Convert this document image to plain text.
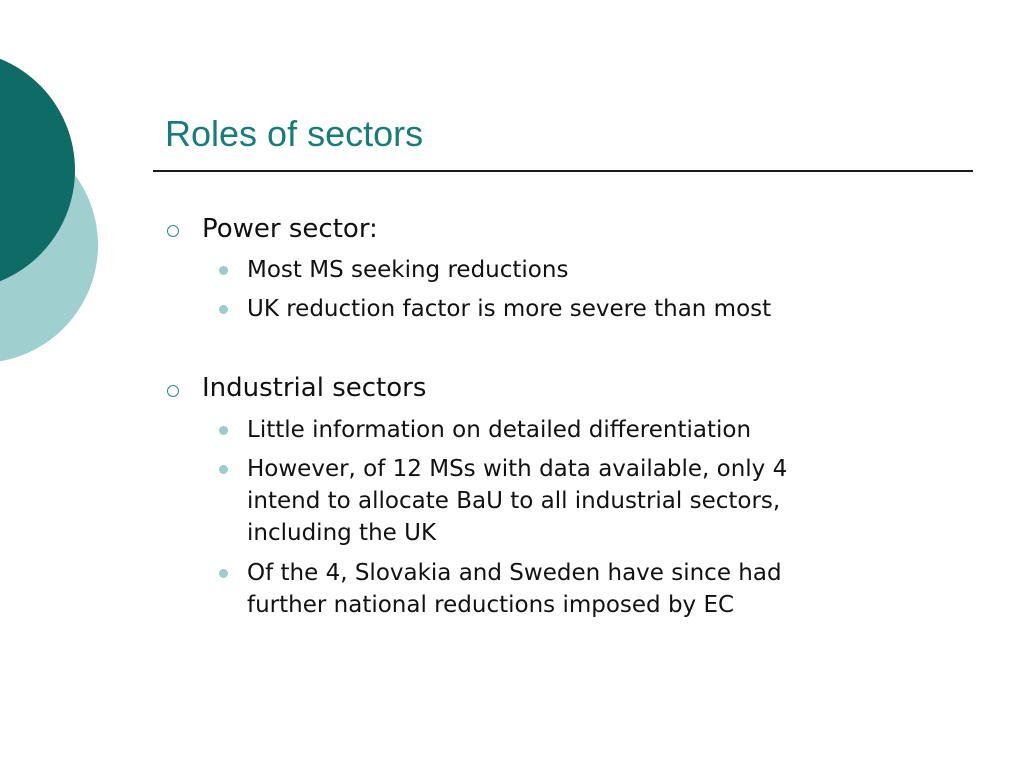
Roles of sectors
Power sector:
Most MS seeking reductions
UK reduction factor is more severe than most
Industrial sectors
Little information on detailed differentiation
However, of 12 MSs with data available, only 4
intend to allocate BaU to all industrial sectors,
including the UK
Of the 4, Slovakia and Sweden have since had
further national reductions imposed by EC
